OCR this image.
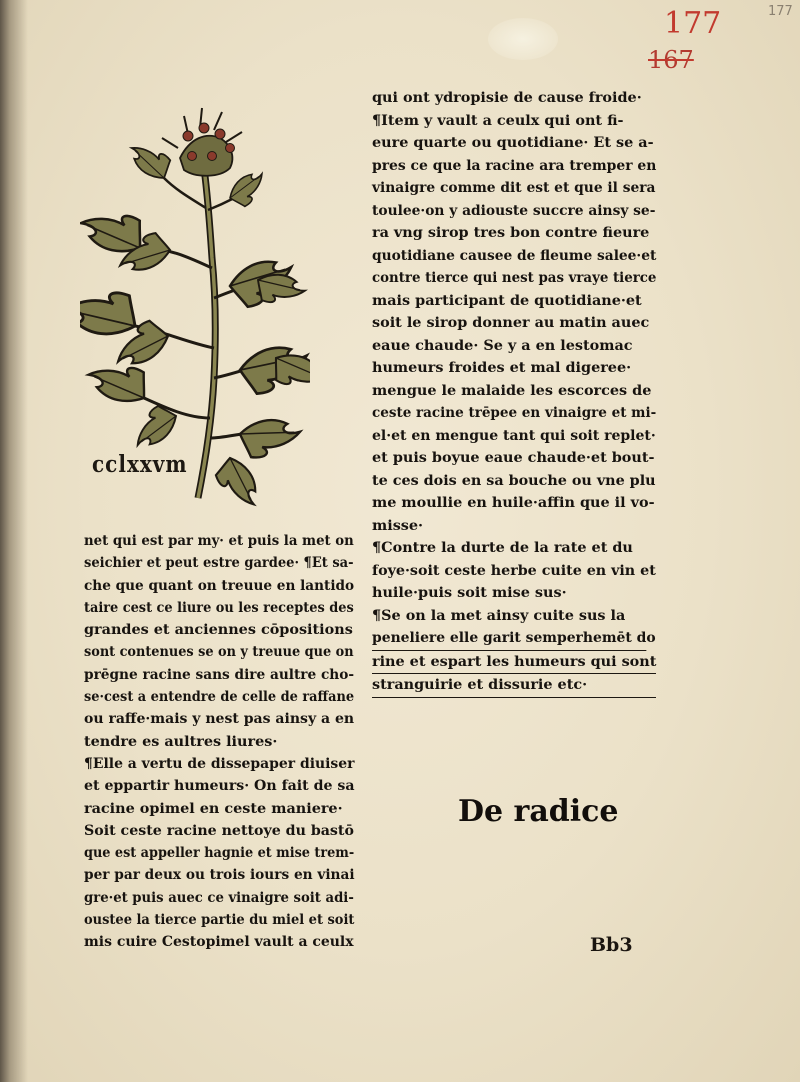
177
167
177
cclxxvm
net qui est par my· et puis la met on
seichier et peut estre gardee· ¶Et sa-
che que quant on treuue en lantido
taire cest ce liure ou les receptes des
grandes et anciennes cōpositions
sont contenues se on y treuue que on
prēgne racine sans dire aultre cho-
se·cest a entendre de celle de raffane
ou raffe·mais y nest pas ainsy a en
tendre es aultres liures·
¶Elle a vertu de dissepaper diuiser
et eppartir humeurs· On fait de sa
racine opimel en ceste maniere·
Soit ceste racine nettoye du bastō
que est appeller hagnie et mise trem-
per par deux ou trois iours en vinai
gre·et puis auec ce vinaigre soit adi-
oustee la tierce partie du miel et soit
mis cuire Cestopimel vault a ceulx
qui ont ydropisie de cause froide·
¶Item y vault a ceulx qui ont fi-
eure quarte ou quotidiane· Et se a-
pres ce que la racine ara tremper en
vinaigre comme dit est et que il sera
toulee·on y adiouste succre ainsy se-
ra vng sirop tres bon contre fieure
quotidiane causee de fleume salee·et
contre tierce qui nest pas vraye tierce
mais participant de quotidiane·et
soit le sirop donner au matin auec
eaue chaude· Se y a en lestomac
humeurs froides et mal digeree·
mengue le malaide les escorces de
ceste racine trēpee en vinaigre et mi-
el·et en mengue tant qui soit replet·
et puis boyue eaue chaude·et bout-
te ces dois en sa bouche ou vne plu
me moullie en huile·affin que il vo-
misse·
¶Contre la durte de la rate et du
foye·soit ceste herbe cuite en vin et
huile·puis soit mise sus·
¶Se on la met ainsy cuite sus la
peneliere elle garit semperhemēt do
rine et espart les humeurs qui sont
stranguirie et dissurie etc·
De radice
Bb3
